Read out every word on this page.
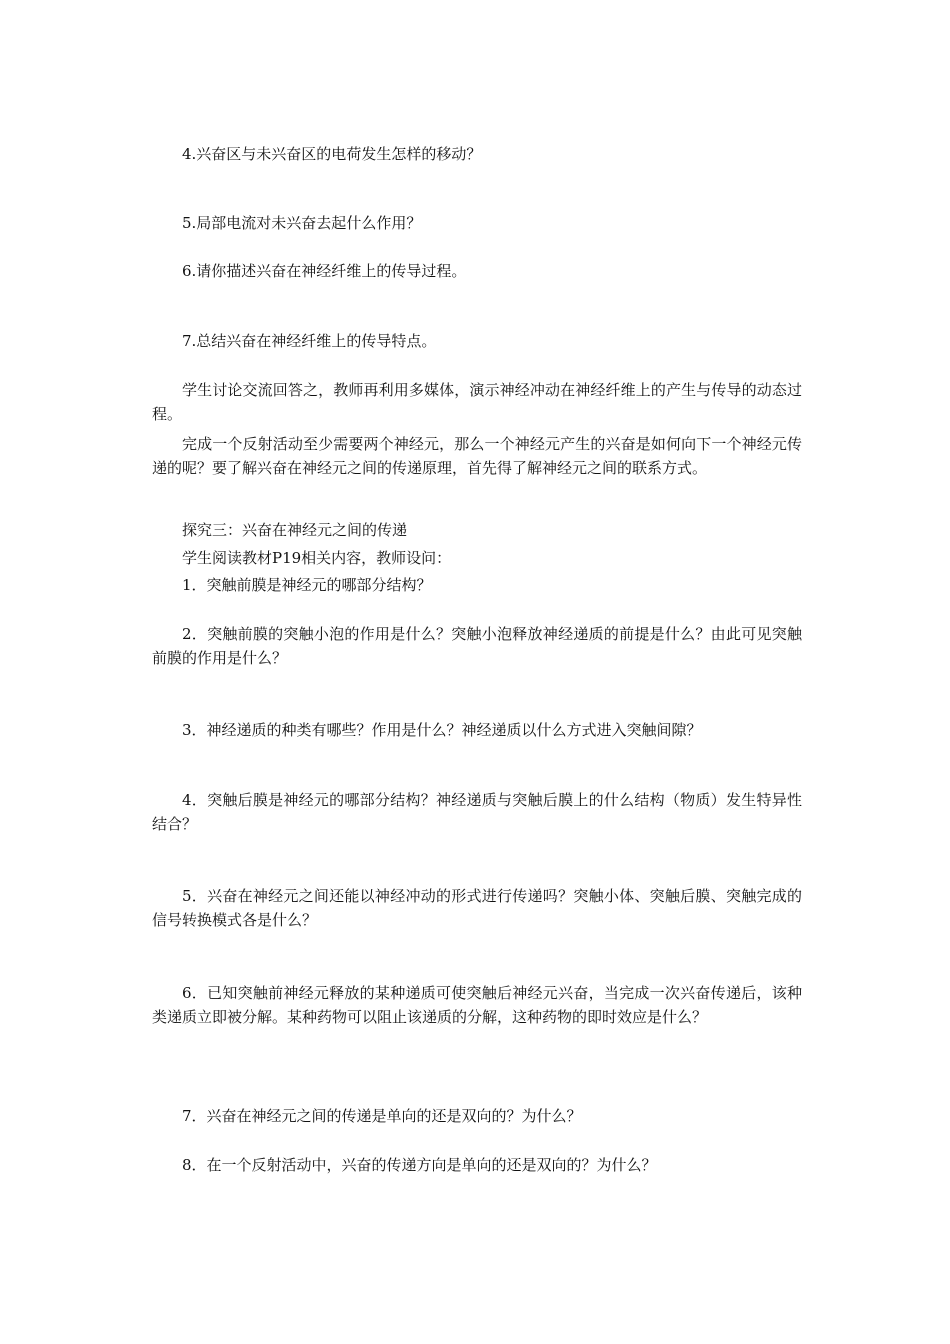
4.兴奋区与未兴奋区的电荷发生怎样的移动？
5.局部电流对未兴奋去起什么作用？
6.请你描述兴奋在神经纤维上的传导过程。
7.总结兴奋在神经纤维上的传导特点。
学生讨论交流回答之，教师再利用多媒体，演示神经冲动在神经纤维上的产生与传导的动态过程。
完成一个反射活动至少需要两个神经元，那么一个神经元产生的兴奋是如何向下一个神经元传递的呢？要了解兴奋在神经元之间的传递原理，首先得了解神经元之间的联系方式。
探究三：兴奋在神经元之间的传递
学生阅读教材P19相关内容，教师设问：
1．突触前膜是神经元的哪部分结构？
2．突触前膜的突触小泡的作用是什么？突触小泡释放神经递质的前提是什么？由此可见突触前膜的作用是什么？
3．神经递质的种类有哪些？作用是什么？神经递质以什么方式进入突触间隙？
4．突触后膜是神经元的哪部分结构？神经递质与突触后膜上的什么结构（物质）发生特异性结合？
5．兴奋在神经元之间还能以神经冲动的形式进行传递吗？突触小体、突触后膜、突触完成的信号转换模式各是什么？
6．已知突触前神经元释放的某种递质可使突触后神经元兴奋，当完成一次兴奋传递后，该种类递质立即被分解。某种药物可以阻止该递质的分解，这种药物的即时效应是什么？
7．兴奋在神经元之间的传递是单向的还是双向的？为什么？
8．在一个反射活动中，兴奋的传递方向是单向的还是双向的？为什么？
